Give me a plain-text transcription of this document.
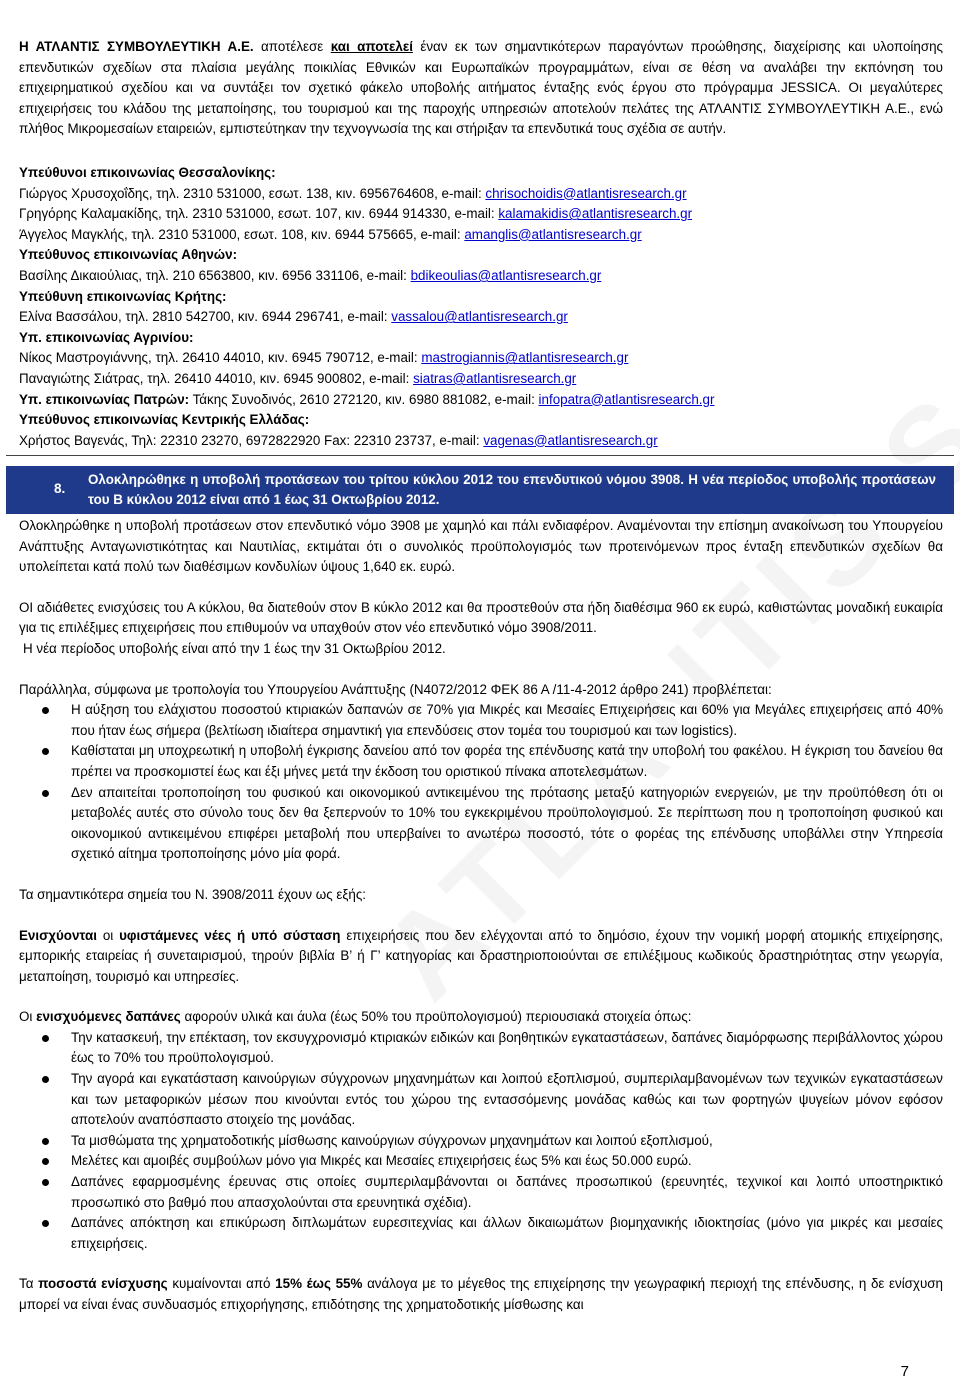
Η ΑΤΛΑΝΤΙΣ ΣΥΜΒΟΥΛΕΥΤΙΚΗ Α.Ε. αποτέλεσε και αποτελεί έναν εκ των σημαντικότερων παραγόντων προώθησης, διαχείρισης και υλοποίησης επενδυτικών σχεδίων στα πλαίσια μεγάλης ποικιλίας Εθνικών και Ευρωπαϊκών προγραμμάτων, είναι σε θέση να αναλάβει την εκπόνηση του επιχειρηματικού σχεδίου και να συντάξει τον σχετικό φάκελο υποβολής αιτήματος ένταξης ενός έργου στο πρόγραμμα JESSICA. Οι μεγαλύτερες επιχειρήσεις του κλάδου της μεταποίησης, του τουρισμού και της παροχής υπηρεσιών αποτελούν πελάτες της ΑΤΛΑΝΤΙΣ ΣΥΜΒΟΥΛΕΥΤΙΚΗ Α.Ε., ενώ πλήθος Μικρομεσαίων εταιρειών, εμπιστεύτηκαν την τεχνογνωσία της και στήριξαν τα επενδυτικά τους σχέδια σε αυτήν.

Υπεύθυνοι επικοινωνίας Θεσσαλονίκης:

Γιώργος Χρυσοχοΐδης, τηλ. 2310 531000, εσωτ. 138, κιν. 6956764608, e-mail: chrisochoidis@atlantisresearch.gr

Γρηγόρης Καλαμακίδης, τηλ. 2310 531000, εσωτ. 107, κιν. 6944 914330, e-mail: kalamakidis@atlantisresearch.gr

Άγγελος Μαγκλής, τηλ. 2310 531000, εσωτ. 108, κιν. 6944 575665, e-mail: amanglis@atlantisresearch.gr

Υπεύθυνος επικοινωνίας Αθηνών:

Βασίλης Δικαιούλιας, τηλ. 210 6563800, κιν. 6956 331106, e-mail: bdikeoulias@atlantisresearch.gr

Υπεύθυνη επικοινωνίας Κρήτης:

Ελίνα Βασσάλου, τηλ. 2810 542700, κιν. 6944 296741, e-mail: vassalou@atlantisresearch.gr

Υπ. επικοινωνίας Αγρινίου:

Νίκος Μαστρογιάννης, τηλ. 26410 44010, κιν. 6945 790712, e-mail: mastrogiannis@atlantisresearch.gr

Παναγιώτης Σιάτρας, τηλ. 26410 44010, κιν. 6945 900802, e-mail: siatras@atlantisresearch.gr

Υπ. επικοινωνίας Πατρών: Τάκης Συνοδινός, 2610 272120, κιν. 6980 881082, e-mail: infopatra@atlantisresearch.gr

Υπεύθυνος επικοινωνίας Κεντρικής Ελλάδας:

Χρήστος Βαγενάς, Τηλ: 22310 23270, 6972822920 Fax: 22310 23737, e-mail: vagenas@atlantisresearch.gr

8.
Ολοκληρώθηκε η υποβολή προτάσεων του τρίτου κύκλου 2012 του επενδυτικού νόμου 3908. Η νέα περίοδος υποβολής προτάσεων του Β κύκλου 2012 είναι από 1 έως 31 Οκτωβρίου 2012.

Ολοκληρώθηκε η υποβολή προτάσεων στον επενδυτικό νόμο 3908 με χαμηλό και πάλι ενδιαφέρον. Αναμένονται την επίσημη ανακοίνωση του Υπουργείου Ανάπτυξης Ανταγωνιστικότητας και Ναυτιλίας, εκτιμάται ότι ο συνολικός προϋπολογισμός των προτεινόμενων προς ένταξη επενδυτικών σχεδίων θα υπολείπεται κατά πολύ των διαθέσιμων κονδυλίων ύψους 1,640 εκ. ευρώ.

ΟΙ αδιάθετες ενισχύσεις του Α κύκλου, θα διατεθούν στον Β κύκλο 2012 και θα προστεθούν στα ήδη διαθέσιμα 960 εκ ευρώ, καθιστώντας μοναδική ευκαιρία για τις επιλέξιμες επιχειρήσεις που επιθυμούν να υπαχθούν στον νέο επενδυτικό νόμο 3908/2011.

Η νέα περίοδος υποβολής είναι από την 1 έως την 31 Οκτωβρίου 2012.

Παράλληλα, σύμφωνα με τροπολογία του Υπουργείου Ανάπτυξης (Ν4072/2012 ΦΕΚ 86 Α /11-4-2012 άρθρο 241) προβλέπεται:

Η αύξηση του ελάχιστου ποσοστού κτιριακών δαπανών σε 70% για Μικρές και Μεσαίες Επιχειρήσεις και 60% για Μεγάλες επιχειρήσεις από 40% που ήταν έως σήμερα (βελτίωση ιδιαίτερα σημαντική για επενδύσεις στον τομέα του τουρισμού και των logistics).
Καθίσταται μη υποχρεωτική η υποβολή έγκρισης δανείου από τον φορέα της επένδυσης κατά την υποβολή του φακέλου. Η έγκριση του δανείου θα πρέπει να προσκομιστεί έως και έξι μήνες μετά την έκδοση του οριστικού πίνακα αποτελεσμάτων.
Δεν απαιτείται τροποποίηση του φυσικού και οικονομικού αντικειμένου της πρότασης μεταξύ κατηγοριών ενεργειών, με την προϋπόθεση ότι οι μεταβολές αυτές στο σύνολο τους δεν θα ξεπερνούν το 10% του εγκεκριμένου προϋπολογισμού. Σε περίπτωση που η τροποποίηση φυσικού και οικονομικού αντικειμένου επιφέρει μεταβολή που υπερβαίνει το ανωτέρω ποσοστό, τότε ο φορέας της επένδυσης υποβάλλει στην Υπηρεσία σχετικό αίτημα τροποποίησης μόνο μία φορά.

Τα σημαντικότερα σημεία του Ν. 3908/2011 έχουν ως εξής:

Ενισχύονται οι υφιστάμενες νέες ή υπό σύσταση επιχειρήσεις που δεν ελέγχονται από το δημόσιο, έχουν την νομική μορφή ατομικής επιχείρησης, εμπορικής εταιρείας ή συνεταιρισμού, τηρούν βιβλία Β’ ή Γ’ κατηγορίας και δραστηριοποιούνται σε επιλέξιμους κωδικούς δραστηριότητας στην γεωργία, μεταποίηση, τουρισμό και υπηρεσίες.

Οι ενισχυόμενες δαπάνες αφορούν υλικά και άυλα (έως 50% του προϋπολογισμού) περιουσιακά στοιχεία όπως:

Την κατασκευή, την επέκταση, τον εκσυγχρονισμό κτιριακών ειδικών και βοηθητικών εγκαταστάσεων, δαπάνες διαμόρφωσης περιβάλλοντος χώρου έως το 70% του προϋπολογισμού.
Την αγορά και εγκατάσταση καινούργιων σύγχρονων μηχανημάτων και λοιπού εξοπλισμού, συμπεριλαμβανομένων των τεχνικών εγκαταστάσεων και των μεταφορικών μέσων που κινούνται εντός του χώρου της εντασσόμενης μονάδας καθώς και των φορτηγών ψυγείων μόνον εφόσον αποτελούν αναπόσπαστο στοιχείο της μονάδας.
Τα μισθώματα της χρηματοδοτικής μίσθωσης καινούργιων σύγχρονων μηχανημάτων και λοιπού εξοπλισμού,
Μελέτες και αμοιβές συμβούλων μόνο για Μικρές και Μεσαίες επιχειρήσεις έως 5% και έως 50.000 ευρώ.
Δαπάνες εφαρμοσμένης έρευνας στις οποίες συμπεριλαμβάνονται οι δαπάνες προσωπικού (ερευνητές, τεχνικοί και λοιπό υποστηρικτικό προσωπικό στο βαθμό που απασχολούνται στα ερευνητικά σχέδια).
Δαπάνες απόκτηση και επικύρωση διπλωμάτων ευρεσιτεχνίας και άλλων δικαιωμάτων βιομηχανικής ιδιοκτησίας (μόνο για μικρές και μεσαίες επιχειρήσεις.

Τα ποσοστά ενίσχυσης κυμαίνονται από 15% έως 55% ανάλογα με το μέγεθος της επιχείρησης την γεωγραφική περιοχή της επένδυσης, η δε ενίσχυση μπορεί να είναι ένας συνδυασμός επιχορήγησης, επιδότησης της χρηματοδοτικής μίσθωσης και

7
